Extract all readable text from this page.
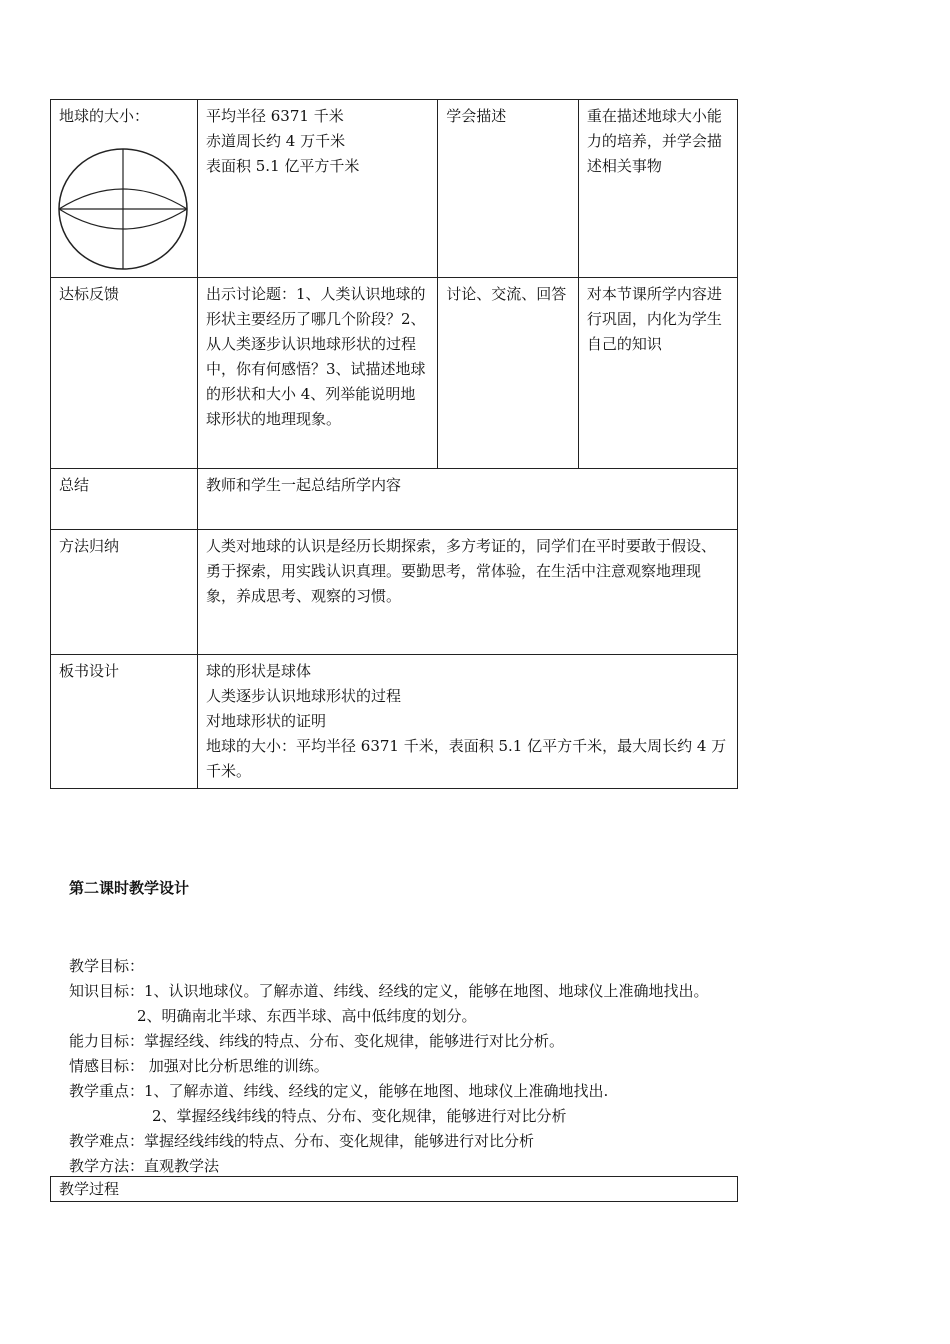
地球的大小：	平均半径 6371 千米
赤道周长约 4 万千米
表面积 5.1 亿平方千米	学会描述	重在描述地球大小能力的培养，并学会描述相关事物

达标反馈	出示讨论题：1、人类认识地球的形状主要经历了哪几个阶段？2、从人类逐步认识地球形状的过程中，你有何感悟？3、试描述地球的形状和大小 4、列举能说明地球形状的地理现象。	讨论、交流、回答	对本节课所学内容进行巩固，内化为学生自己的知识

总结	教师和学生一起总结所学内容		

方法归纳	人类对地球的认识是经历长期探索，多方考证的，同学们在平时要敢于假设、勇于探索，用实践认识真理。要勤思考，常体验，在生活中注意观察地理现象，养成思考、观察的习惯。		

板书设计	球的形状是球体
人类逐步认识地球形状的过程
对地球形状的证明
地球的大小：平均半径 6371 千米，表面积 5.1 亿平方千米，最大周长约 4 万千米。		
第二课时教学设计
教学目标：
知识目标：1、认识地球仪。了解赤道、纬线、经线的定义，能够在地图、地球仪上准确地找出。
2、明确南北半球、东西半球、高中低纬度的划分。
能力目标：掌握经线、纬线的特点、分布、变化规律，能够进行对比分析。
情感目标： 加强对比分析思维的训练。
教学重点：1、了解赤道、纬线、经线的定义，能够在地图、地球仪上准确地找出.
2、掌握经线纬线的特点、分布、变化规律，能够进行对比分析
教学难点：掌握经线纬线的特点、分布、变化规律，能够进行对比分析
教学方法：直观教学法
教学过程
